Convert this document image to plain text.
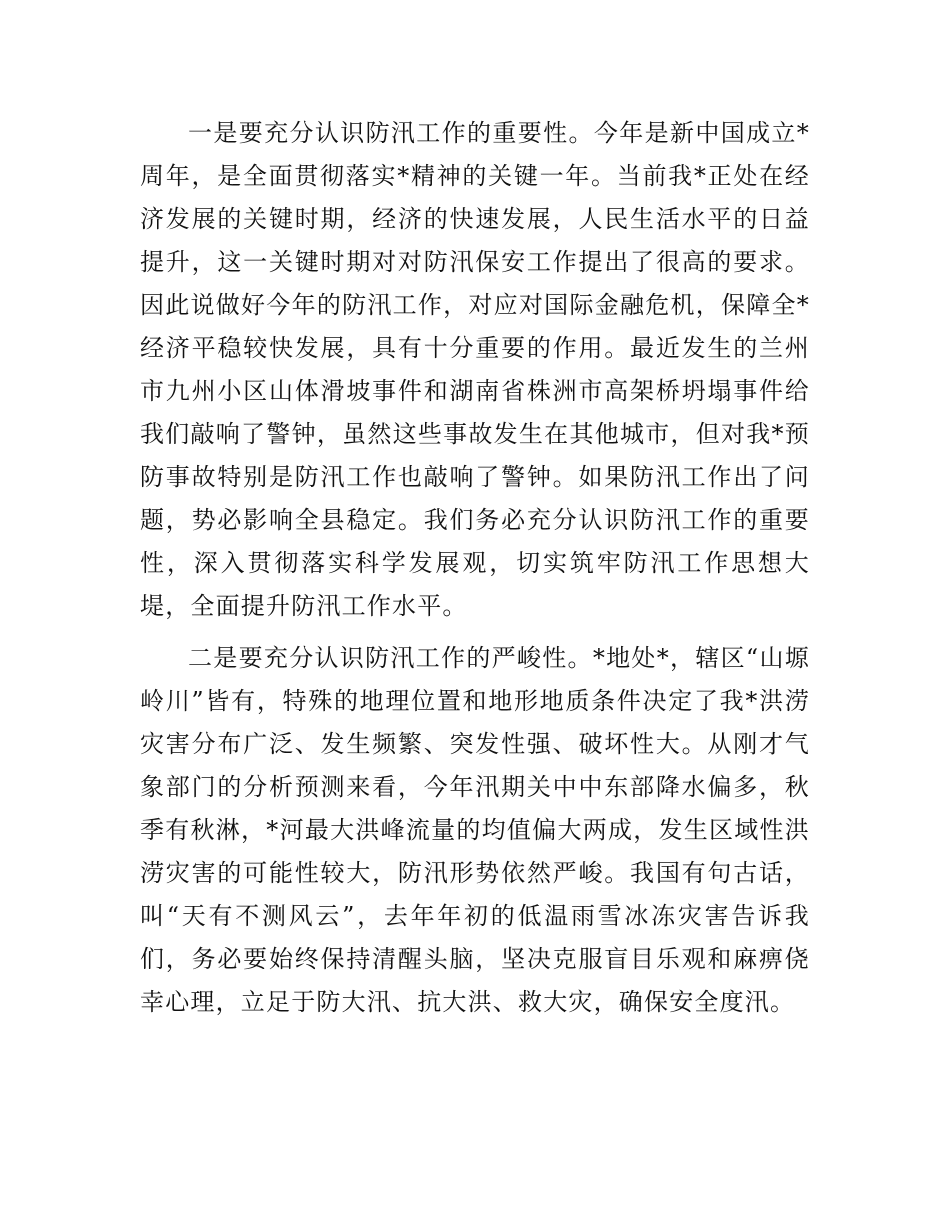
一是要充分认识防汛工作的重要性。今年是新中国成立*周年，是全面贯彻落实*精神的关键一年。当前我*正处在经济发展的关键时期，经济的快速发展，人民生活水平的日益提升，这一关键时期对对防汛保安工作提出了很高的要求。因此说做好今年的防汛工作，对应对国际金融危机，保障全*经济平稳较快发展，具有十分重要的作用。最近发生的兰州市九州小区山体滑坡事件和湖南省株洲市高架桥坍塌事件给我们敲响了警钟，虽然这些事故发生在其他城市，但对我*预防事故特别是防汛工作也敲响了警钟。如果防汛工作出了问题，势必影响全县稳定。我们务必充分认识防汛工作的重要性，深入贯彻落实科学发展观，切实筑牢防汛工作思想大堤，全面提升防汛工作水平。

二是要充分认识防汛工作的严峻性。*地处*，辖区“山塬岭川”皆有，特殊的地理位置和地形地质条件决定了我*洪涝灾害分布广泛、发生频繁、突发性强、破坏性大。从刚才气象部门的分析预测来看，今年汛期关中中东部降水偏多，秋季有秋淋，*河最大洪峰流量的均值偏大两成，发生区域性洪涝灾害的可能性较大，防汛形势依然严峻。我国有句古话，叫“天有不测风云”，去年年初的低温雨雪冰冻灾害告诉我们，务必要始终保持清醒头脑，坚决克服盲目乐观和麻痹侥幸心理，立足于防大汛、抗大洪、救大灾，确保安全度汛。
